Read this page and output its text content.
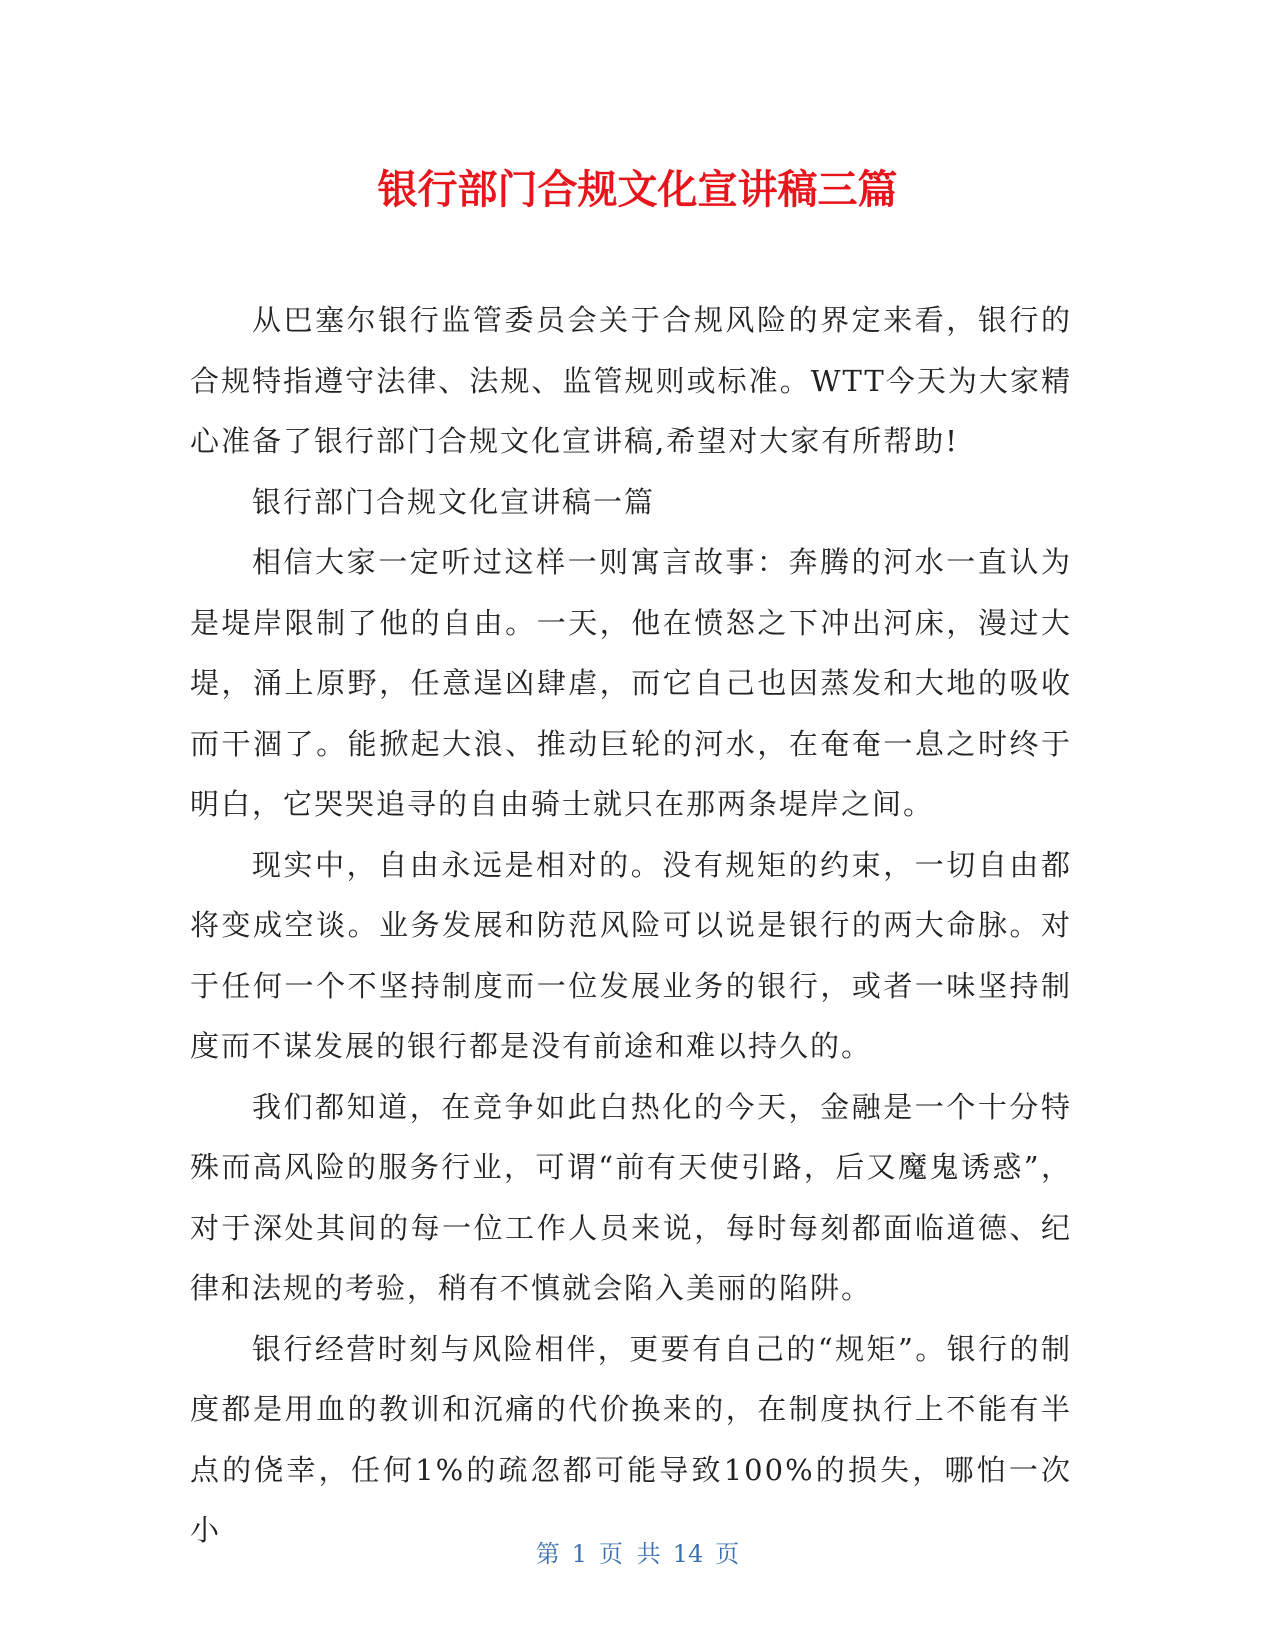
银行部门合规文化宣讲稿三篇

从巴塞尔银行监管委员会关于合规风险的界定来看，银行的合规特指遵守法律、法规、监管规则或标准。WTT今天为大家精心准备了银行部门合规文化宣讲稿,希望对大家有所帮助!

银行部门合规文化宣讲稿一篇

相信大家一定听过这样一则寓言故事：奔腾的河水一直认为是堤岸限制了他的自由。一天，他在愤怒之下冲出河床，漫过大堤，涌上原野，任意逞凶肆虐，而它自己也因蒸发和大地的吸收而干涸了。能掀起大浪、推动巨轮的河水，在奄奄一息之时终于明白，它哭哭追寻的自由骑士就只在那两条堤岸之间。

现实中，自由永远是相对的。没有规矩的约束，一切自由都将变成空谈。业务发展和防范风险可以说是银行的两大命脉。对于任何一个不坚持制度而一位发展业务的银行，或者一味坚持制度而不谋发展的银行都是没有前途和难以持久的。

我们都知道，在竞争如此白热化的今天，金融是一个十分特殊而高风险的服务行业，可谓“前有天使引路，后又魔鬼诱惑”，对于深处其间的每一位工作人员来说，每时每刻都面临道德、纪律和法规的考验，稍有不慎就会陷入美丽的陷阱。

银行经营时刻与风险相伴，更要有自己的“规矩”。银行的制度都是用血的教训和沉痛的代价换来的，在制度执行上不能有半点的侥幸，任何1%的疏忽都可能导致100%的损失，哪怕一次小

第 1 页 共 14 页
